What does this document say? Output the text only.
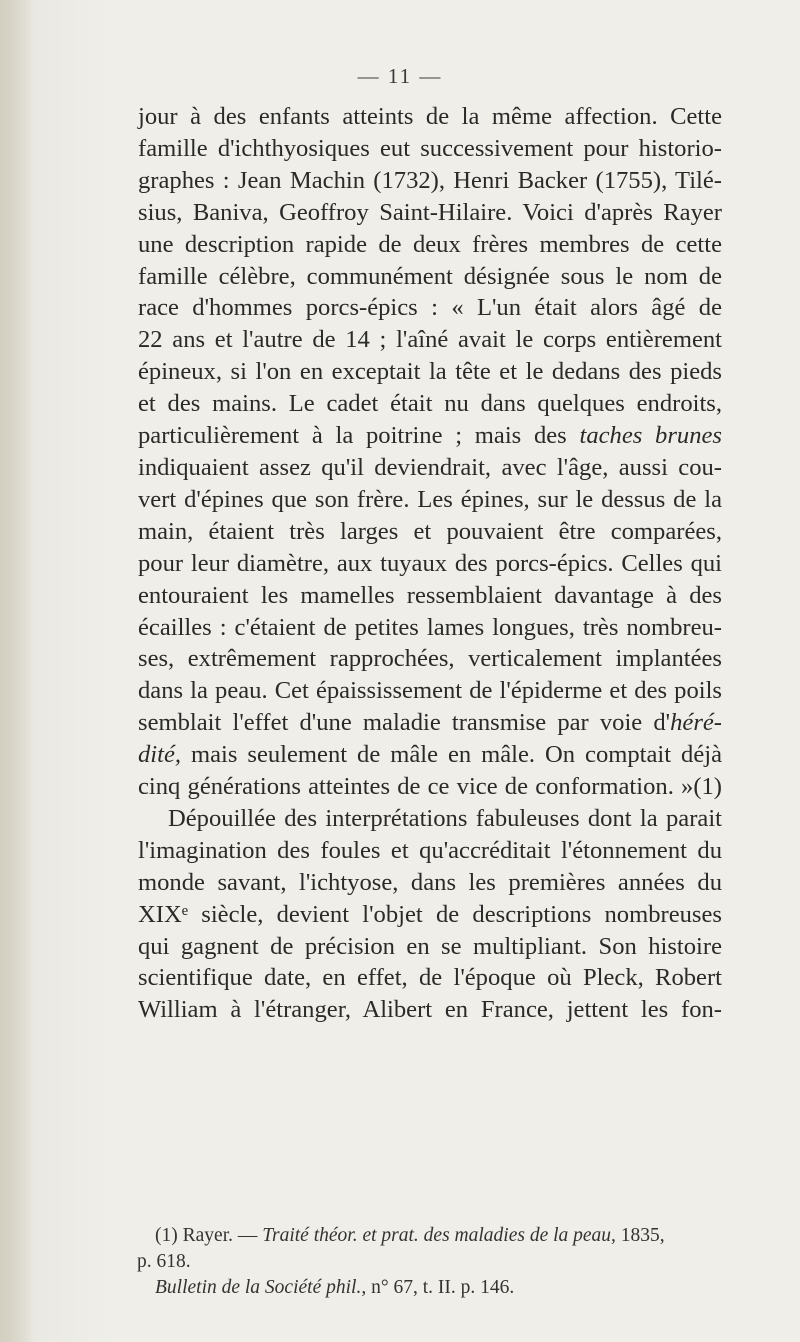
— 11 —
jour à des enfants atteints de la même affection. Cette
famille d'ichthyosiques eut successivement pour historio-
graphes : Jean Machin (1732), Henri Backer (1755), Tilé-
sius, Baniva, Geoffroy Saint-Hilaire. Voici d'après Rayer
une description rapide de deux frères membres de cette
famille célèbre, communément désignée sous le nom de
race d'hommes porcs-épics : « L'un était alors âgé de
22 ans et l'autre de 14 ; l'aîné avait le corps entièrement
épineux, si l'on en exceptait la tête et le dedans des pieds
et des mains. Le cadet était nu dans quelques endroits,
particulièrement à la poitrine ; mais des taches brunes
indiquaient assez qu'il deviendrait, avec l'âge, aussi cou-
vert d'épines que son frère. Les épines, sur le dessus de la
main, étaient très larges et pouvaient être comparées,
pour leur diamètre, aux tuyaux des porcs-épics. Celles qui
entouraient les mamelles ressemblaient davantage à des
écailles : c'étaient de petites lames longues, très nombreu-
ses, extrêmement rapprochées, verticalement implantées
dans la peau. Cet épaississement de l'épiderme et des poils
semblait l'effet d'une maladie transmise par voie d'héré-
dité, mais seulement de mâle en mâle. On comptait déjà
cinq générations atteintes de ce vice de conformation. »(1)
Dépouillée des interprétations fabuleuses dont la parait
l'imagination des foules et qu'accréditait l'étonnement du
monde savant, l'ichtyose, dans les premières années du
XIXᵉ siècle, devient l'objet de descriptions nombreuses
qui gagnent de précision en se multipliant. Son histoire
scientifique date, en effet, de l'époque où Pleck, Robert
William à l'étranger, Alibert en France, jettent les fon-
(1) Rayer. — Traité théor. et prat. des maladies de la peau, 1835,
p. 618.
Bulletin de la Société phil., n° 67, t. II. p. 146.
